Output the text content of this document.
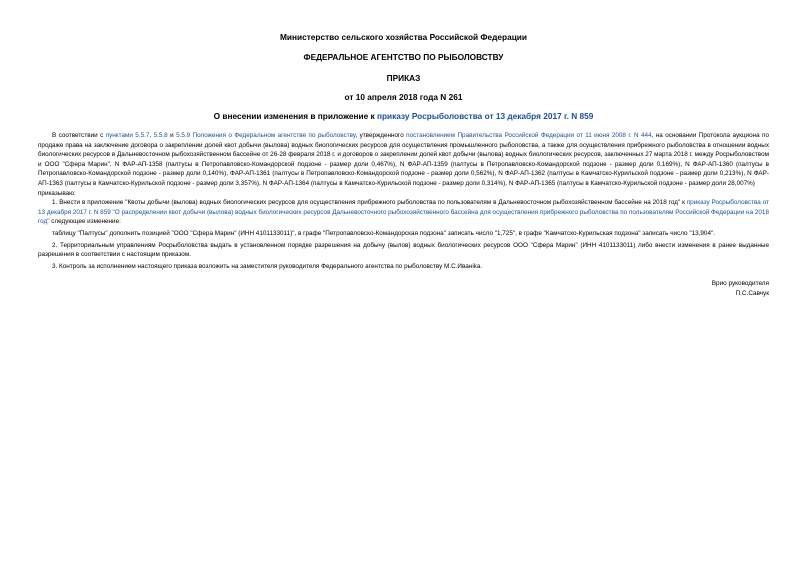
Министерство сельского хозяйства Российской Федерации
ФЕДЕРАЛЬНОЕ АГЕНТСТВО ПО РЫБОЛОВСТВУ
ПРИКАЗ
от 10 апреля 2018 года N 261
О внесении изменения в приложение к приказу Росрыболовства от 13 декабря 2017 г. N 859

В соответствии с пунктами 5.5.7, 5.5.8 и 5.5.9 Положения о Федеральном агентстве по рыболовству, утвержденного постановлением Правительства Российской Федерации от 11 июня 2008 г. N 444, на основании Протокола аукциона по продаже права на заключение договора о закреплении долей квот добычи (вылова) водных биологических ресурсов для осуществления промышленного рыболовства, а также для осуществления прибрежного рыболовства в отношении водных биологических ресурсов в Дальневосточном рыбохозяйственном бассейне от 26-28 февраля 2018 г. и договоров о закреплении долей квот добычи (вылова) водных биологических ресурсов, заключенных 27 марта 2018 г. между Росрыболовством и ООО "Сфера Марин", N ФАР-АП-1358 (палтусы в Петропавловско-Командорской подзоне - размер доли 0,467%), N ФАР-АП-1359 (палтусы в Петропавловско-Командорской подзоне - размер доли 0,169%), N ФАР-АП-1360 (палтусы в Петропавловско-Командорской подзоне - размер доли 0,140%), ФАР-АП-1361 (палтусы в Петропавловско-Командорской подзоне - размер доли 0,562%), N ФАР-АП-1362 (палтусы в Камчатско-Курильской подзоне - размер доли 0,213%), N ФАР-АП-1363 (палтусы в Камчатско-Курильской подзоне - размер доли 3,357%), N ФАР-АП-1364 (палтусы в Камчатско-Курильской подзоне - размер доли 0,314%), N ФАР-АП-1365 (палтусы в Камчатско-Курильской подзоне - размер доли 28,007%)

приказываю:

1. Внести в приложение "Квоты добычи (вылова) водных биологических ресурсов для осуществления прибрежного рыболовства по пользователям в Дальневосточном рыбохозяйственном бассейне на 2018 год" к приказу Росрыболовства от 13 декабря 2017 г. N 859 "О распределении квот добычи (вылова) водных биологических ресурсов Дальневосточного рыбохозяйственного бассейна для осуществления прибрежного рыболовства по пользователям Российской Федерации на 2018 год" следующее изменение:

таблицу "Палтусы" дополнить позицией "ООО "Сфера Марин" (ИНН 4101133011)", в графе "Петропавловско-Командорская подзона" записать число "1,725", в графе "Камчатско-Курильская подзона" записать число "13,904".

2. Территориальным управлениям Росрыболовства выдать в установленном порядке разрешения на добычу (вылов) водных биологических ресурсов ООО "Сфера Марин" (ИНН 4101133011) либо внести изменения в ранее выданные разрешения в соответствии с настоящим приказом.

3. Контроль за исполнением настоящего приказа возложить на заместителя руководителя Федерального агентства по рыболовству М.С.Иванika.

Врио руководителя
П.С.Савчук
